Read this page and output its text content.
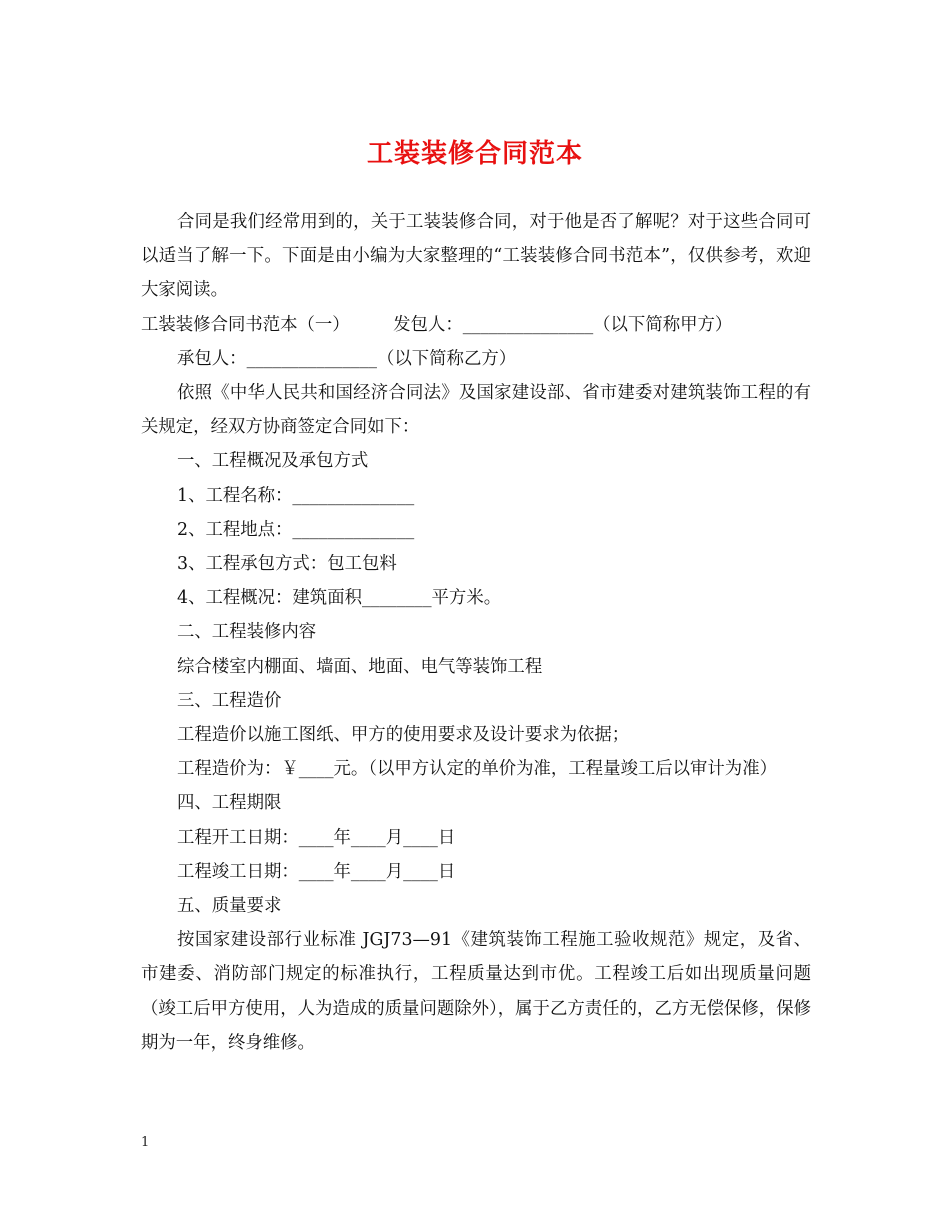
工装装修合同范本

合同是我们经常用到的，关于工装装修合同，对于他是否了解呢？对于这些合同可以适当了解一下。下面是由小编为大家整理的“工装装修合同书范本”，仅供参考，欢迎大家阅读。

工装装修合同书范本（一）　　　发包人：_______________（以下简称甲方）

承包人：_______________（以下简称乙方）

依照《中华人民共和国经济合同法》及国家建设部、省市建委对建筑装饰工程的有关规定，经双方协商签定合同如下：

一、工程概况及承包方式

1、工程名称：______________

2、工程地点：______________

3、工程承包方式：包工包料

4、工程概况：建筑面积________平方米。

二、工程装修内容

综合楼室内棚面、墙面、地面、电气等装饰工程

三、工程造价

工程造价以施工图纸、甲方的使用要求及设计要求为依据；

工程造价为：￥____元。（以甲方认定的单价为准，工程量竣工后以审计为准）

四、工程期限

工程开工日期：____年____月____日

工程竣工日期：____年____月____日

五、质量要求

按国家建设部行业标准 JGJ73—91《建筑装饰工程施工验收规范》规定，及省、市建委、消防部门规定的标准执行，工程质量达到市优。工程竣工后如出现质量问题（竣工后甲方使用，人为造成的质量问题除外），属于乙方责任的，乙方无偿保修，保修期为一年，终身维修。

1
